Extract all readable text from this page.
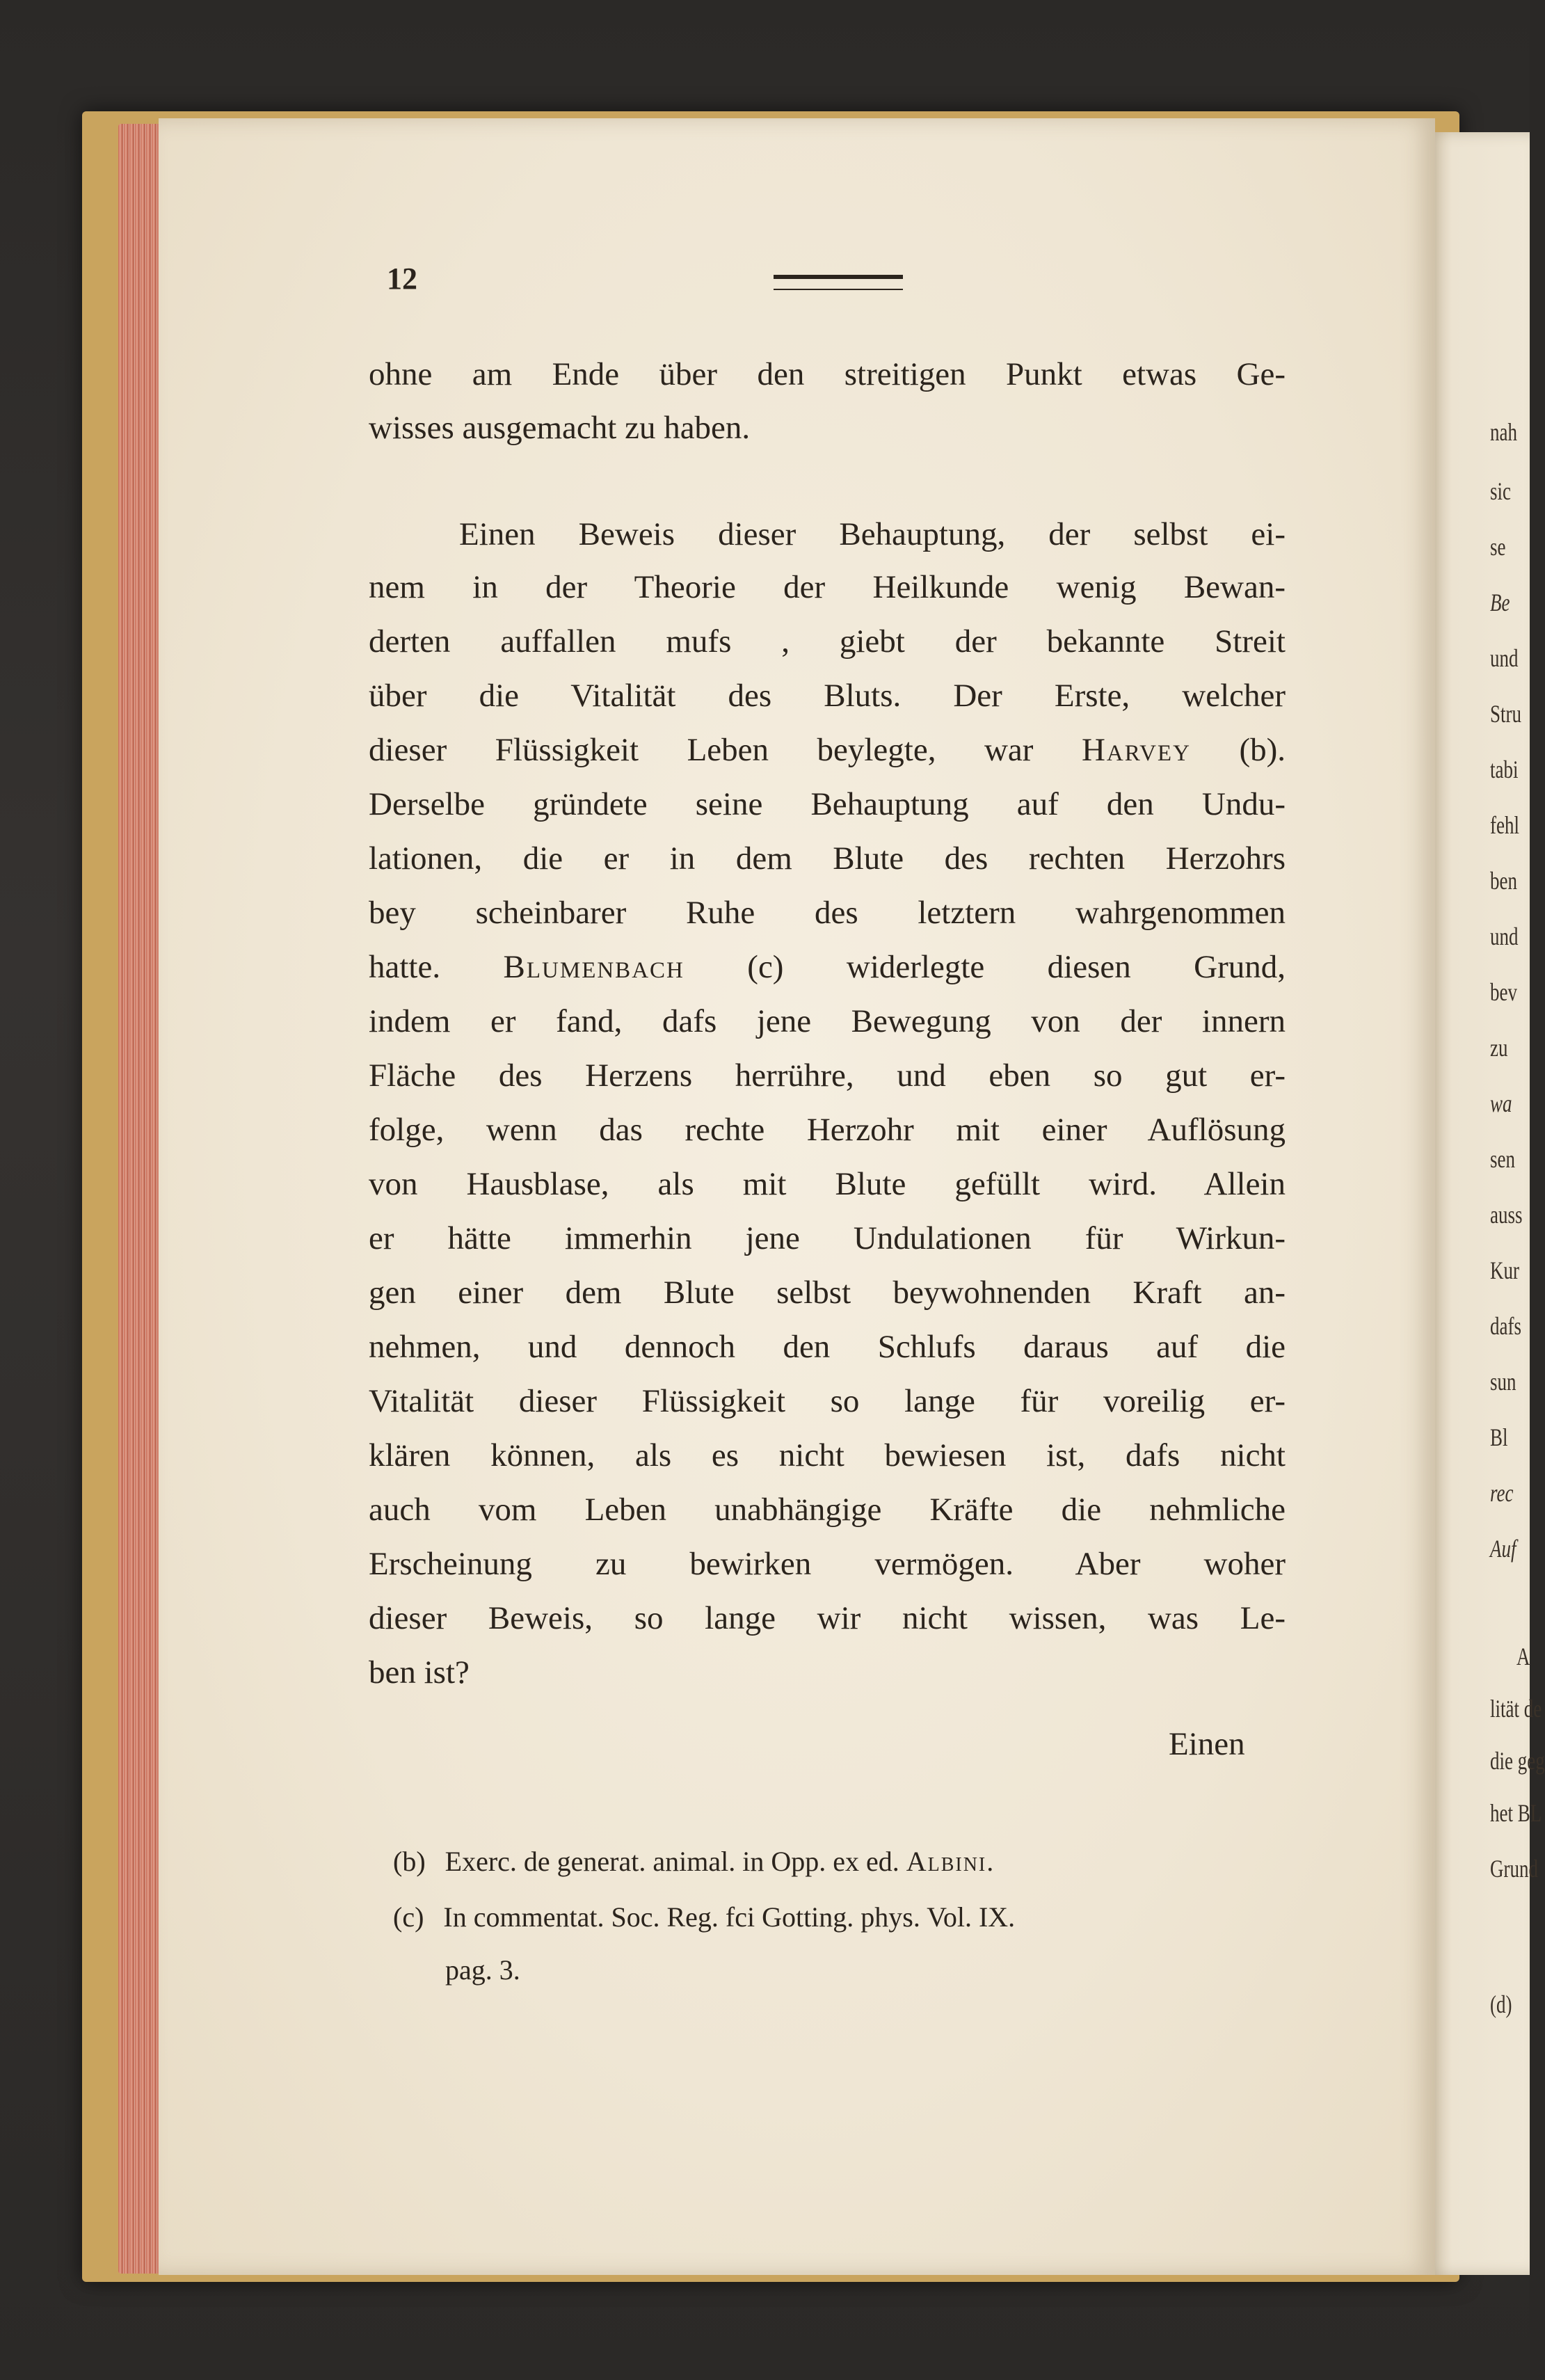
12
ohne am Ende über den streitigen Punkt etwas Ge-
wisses ausgemacht zu haben.
Einen Beweis dieser Behauptung, der selbst ei-
nem in der Theorie der Heilkunde wenig Bewan-
derten auffallen mufs , giebt der bekannte Streit
über die Vitalität des Bluts. Der Erste, welcher
dieser Flüssigkeit Leben beylegte, war Harvey (b).
Derselbe gründete seine Behauptung auf den Undu-
lationen, die er in dem Blute des rechten Herzohrs
bey scheinbarer Ruhe des letztern wahrgenommen
hatte. Blumenbach (c) widerlegte diesen Grund,
indem er fand, dafs jene Bewegung von der innern
Fläche des Herzens herrühre, und eben so gut er-
folge, wenn das rechte Herzohr mit einer Auflösung
von Hausblase, als mit Blute gefüllt wird. Allein
er hätte immerhin jene Undulationen für Wirkun-
gen einer dem Blute selbst beywohnenden Kraft an-
nehmen, und dennoch den Schlufs daraus auf die
Vitalität dieser Flüssigkeit so lange für voreilig er-
klären können, als es nicht bewiesen ist, dafs nicht
auch vom Leben unabhängige Kräfte die nehmliche
Erscheinung zu bewirken vermögen. Aber woher
dieser Beweis, so lange wir nicht wissen, was Le-
ben ist?
Einen
(b) Exerc. de generat. animal. in Opp. ex ed. Albini.
(c) In commentat. Soc. Reg. fci Gotting. phys. Vol. IX.
pag. 3.
nah
sic
se
Be
und
Stru
tabi
fehl
ben
und
bev
zu
wa
sen
auss
Kur
dafs
sun
Bl
rec
Auf
A
lität de
die geg
het BL
Grund
(d)
